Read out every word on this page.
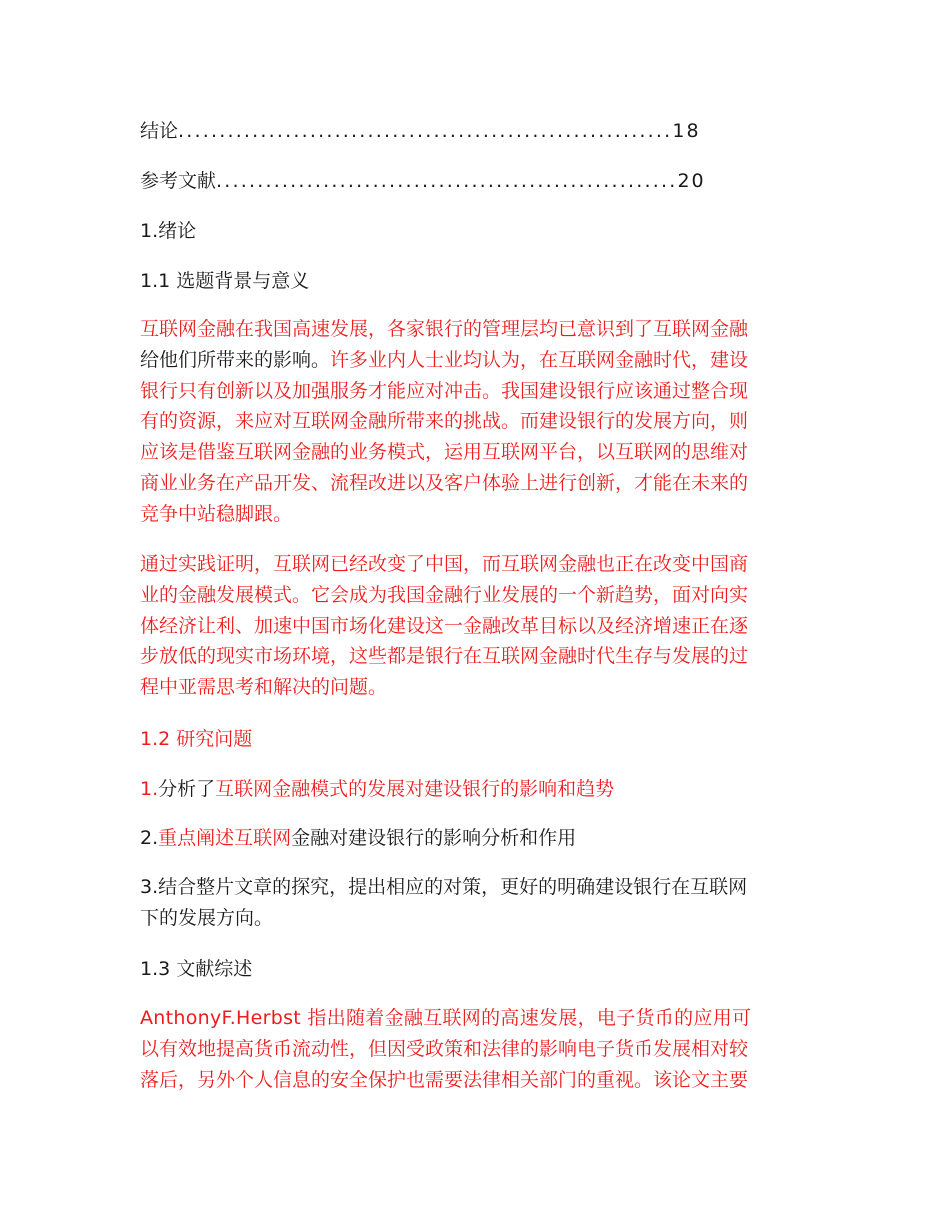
结论............................................................18
参考文献........................................................20
1.绪论
1.1 选题背景与意义
互联网金融在我国高速发展，各家银行的管理层均已意识到了互联网金融
给他们所带来的影响。许多业内人士业均认为，在互联网金融时代，建设
银行只有创新以及加强服务才能应对冲击。我国建设银行应该通过整合现
有的资源，来应对互联网金融所带来的挑战。而建设银行的发展方向，则
应该是借鉴互联网金融的业务模式，运用互联网平台，以互联网的思维对
商业业务在产品开发、流程改进以及客户体验上进行创新，才能在未来的
竞争中站稳脚跟。
通过实践证明，互联网已经改变了中国，而互联网金融也正在改变中国商
业的金融发展模式。它会成为我国金融行业发展的一个新趋势，面对向实
体经济让利、加速中国市场化建设这一金融改革目标以及经济增速正在逐
步放低的现实市场环境，这些都是银行在互联网金融时代生存与发展的过
程中亚需思考和解决的问题。
1.2 研究问题
1.分析了互联网金融模式的发展对建设银行的影响和趋势
2.重点阐述互联网金融对建设银行的影响分析和作用
3.结合整片文章的探究，提出相应的对策，更好的明确建设银行在互联网
下的发展方向。
1.3 文献综述
AnthonyF.Herbst 指出随着金融互联网的高速发展，电子货币的应用可
以有效地提高货币流动性，但因受政策和法律的影响电子货币发展相对较
落后，另外个人信息的安全保护也需要法律相关部门的重视。该论文主要
